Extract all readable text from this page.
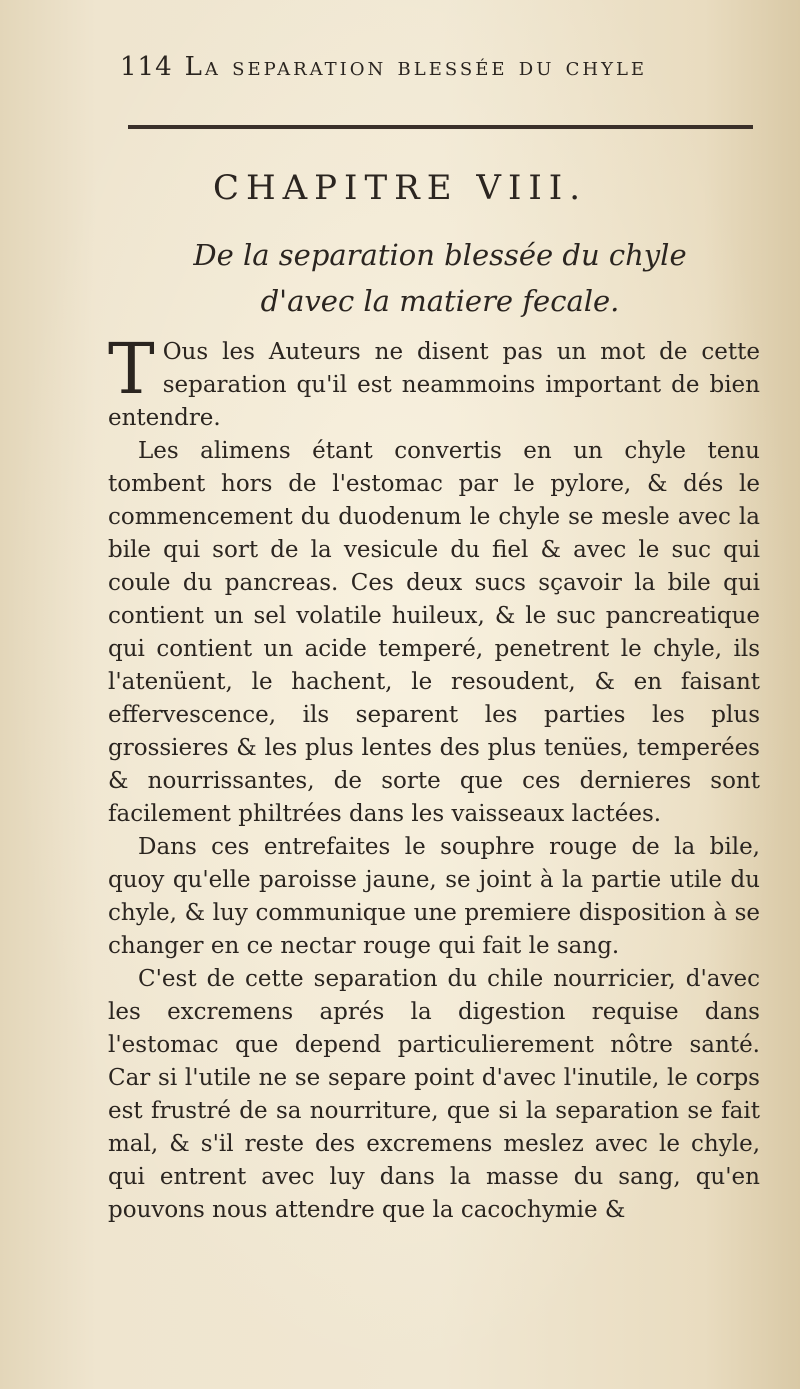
114 La separation blessée du chyle
CHAPITRE VIII.
De la separation blessée du chyle d'avec la matiere fecale.

T Ous les Auteurs ne disent pas un mot de cette separation qu'il est neammoins important de bien entendre.

Les alimens étant convertis en un chyle tenu tombent hors de l'estomac par le pylore, & dés le commencement du duodenum le chyle se mesle avec la bile qui sort de la vesicule du fiel & avec le suc qui coule du pancreas. Ces deux sucs sçavoir la bile qui contient un sel volatile huileux, & le suc pancreatique qui contient un acide temperé, penetrent le chyle, ils l'atenüent, le hachent, le resoudent, & en faisant effervescence, ils separent les parties les plus grossieres & les plus lentes des plus tenües, temperées & nourrissantes, de sorte que ces dernieres sont facilement philtrées dans les vaisseaux lactées.

Dans ces entrefaites le souphre rouge de la bile, quoy qu'elle paroisse jaune, se joint à la partie utile du chyle, & luy communique une premiere disposition à se changer en ce nectar rouge qui fait le sang.

C'est de cette separation du chile nourricier, d'avec les excremens aprés la digestion requise dans l'estomac que depend particulierement nôtre santé. Car si l'utile ne se separe point d'avec l'inutile, le corps est frustré de sa nourriture, que si la separation se fait mal, & s'il reste des excremens meslez avec le chyle, qui entrent avec luy dans la masse du sang, qu'en pouvons nous attendre que la cacochymie &
